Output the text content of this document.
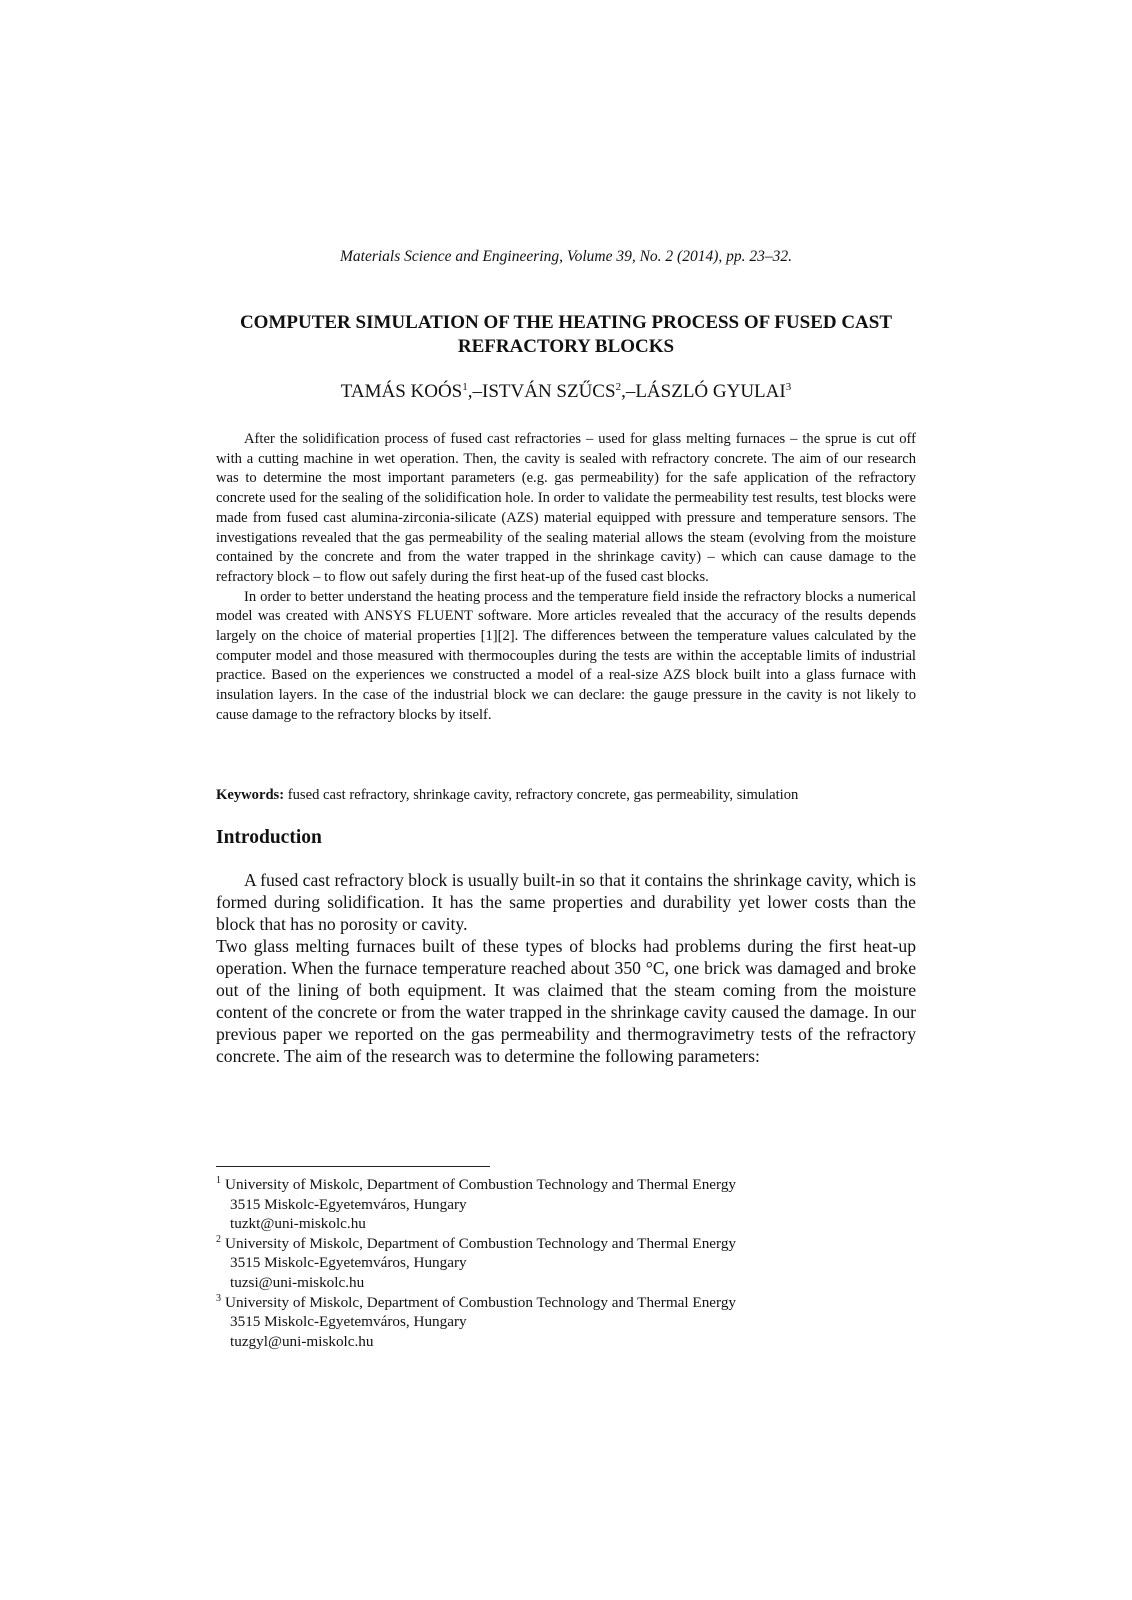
Materials Science and Engineering, Volume 39, No. 2 (2014), pp. 23–32.
COMPUTER SIMULATION OF THE HEATING PROCESS OF FUSED CAST REFRACTORY BLOCKS
TAMÁS KOÓS$^1$,–ISTVÁN SZŰCS$^2$,–LÁSZLÓ GYULAI$^3$

After the solidification process of fused cast refractories – used for glass melting furnaces – the sprue is cut off with a cutting machine in wet operation. Then, the cavity is sealed with refractory concrete. The aim of our research was to determine the most important parameters (e.g. gas permeability) for the safe application of the refractory concrete used for the sealing of the solidification hole. In order to validate the permeability test results, test blocks were made from fused cast alumina-zirconia-silicate (AZS) material equipped with pressure and temperature sensors. The investigations revealed that the gas permeability of the sealing material allows the steam (evolving from the moisture contained by the concrete and from the water trapped in the shrinkage cavity) – which can cause damage to the refractory block – to flow out safely during the first heat-up of the fused cast blocks.

In order to better understand the heating process and the temperature field inside the refractory blocks a numerical model was created with ANSYS FLUENT software. More articles revealed that the accuracy of the results depends largely on the choice of material properties [1][2]. The differences between the temperature values calculated by the computer model and those measured with thermocouples during the tests are within the acceptable limits of industrial practice. Based on the experiences we constructed a model of a real-size AZS block built into a glass furnace with insulation layers. In the case of the industrial block we can declare: the gauge pressure in the cavity is not likely to cause damage to the refractory blocks by itself.

Keywords: fused cast refractory, shrinkage cavity, refractory concrete, gas permeability, simulation
Introduction

A fused cast refractory block is usually built-in so that it contains the shrinkage cavity, which is formed during solidification. It has the same properties and durability yet lower costs than the block that has no porosity or cavity.

Two glass melting furnaces built of these types of blocks had problems during the first heat-up operation. When the furnace temperature reached about 350 °C, one brick was damaged and broke out of the lining of both equipment. It was claimed that the steam coming from the moisture content of the concrete or from the water trapped in the shrinkage cavity caused the damage. In our previous paper we reported on the gas permeability and thermogravimetry tests of the refractory concrete. The aim of the research was to determine the following parameters:

$^1$ University of Miskolc, Department of Combustion Technology and Thermal Energy
3515 Miskolc-Egyetemváros, Hungary
tuzkt@uni-miskolc.hu

$^2$ University of Miskolc, Department of Combustion Technology and Thermal Energy
3515 Miskolc-Egyetemváros, Hungary
tuzsi@uni-miskolc.hu

$^3$ University of Miskolc, Department of Combustion Technology and Thermal Energy
3515 Miskolc-Egyetemváros, Hungary
tuzgyl@uni-miskolc.hu
